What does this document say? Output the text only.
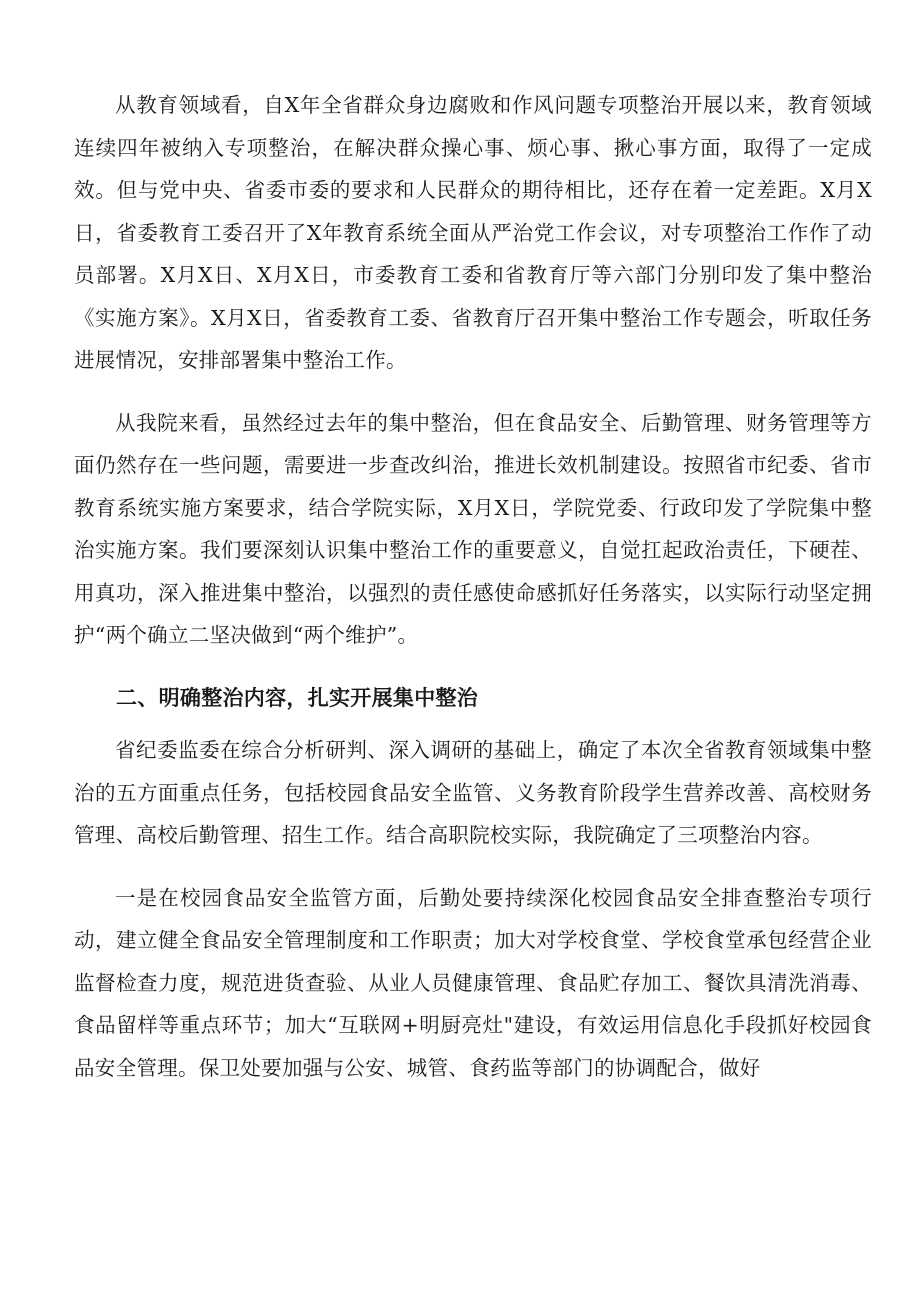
从教育领域看，自X年全省群众身边腐败和作风问题专项整治开展以来，教育领域连续四年被纳入专项整治，在解决群众操心事、烦心事、揪心事方面，取得了一定成效。但与党中央、省委市委的要求和人民群众的期待相比，还存在着一定差距。X月X日，省委教育工委召开了X年教育系统全面从严治党工作会议，对专项整治工作作了动员部署。X月X日、X月X日，市委教育工委和省教育厅等六部门分别印发了集中整治《实施方案》。X月X日，省委教育工委、省教育厅召开集中整治工作专题会，听取任务进展情况，安排部署集中整治工作。

从我院来看，虽然经过去年的集中整治，但在食品安全、后勤管理、财务管理等方面仍然存在一些问题，需要进一步查改纠治，推进长效机制建设。按照省市纪委、省市教育系统实施方案要求，结合学院实际，X月X日，学院党委、行政印发了学院集中整治实施方案。我们要深刻认识集中整治工作的重要意义，自觉扛起政治责任，下硬茬、用真功，深入推进集中整治，以强烈的责任感使命感抓好任务落实，以实际行动坚定拥护“两个确立二坚决做到“两个维护”。

二、明确整治内容，扎实开展集中整治

省纪委监委在综合分析研判、深入调研的基础上，确定了本次全省教育领域集中整治的五方面重点任务，包括校园食品安全监管、义务教育阶段学生营养改善、高校财务管理、高校后勤管理、招生工作。结合高职院校实际，我院确定了三项整治内容。

一是在校园食品安全监管方面，后勤处要持续深化校园食品安全排查整治专项行动，建立健全食品安全管理制度和工作职责；加大对学校食堂、学校食堂承包经营企业监督检查力度，规范进货查验、从业人员健康管理、食品贮存加工、餐饮具清洗消毒、食品留样等重点环节；加大“互联网+明厨亮灶"建设，有效运用信息化手段抓好校园食品安全管理。保卫处要加强与公安、城管、食药监等部门的协调配合，做好
